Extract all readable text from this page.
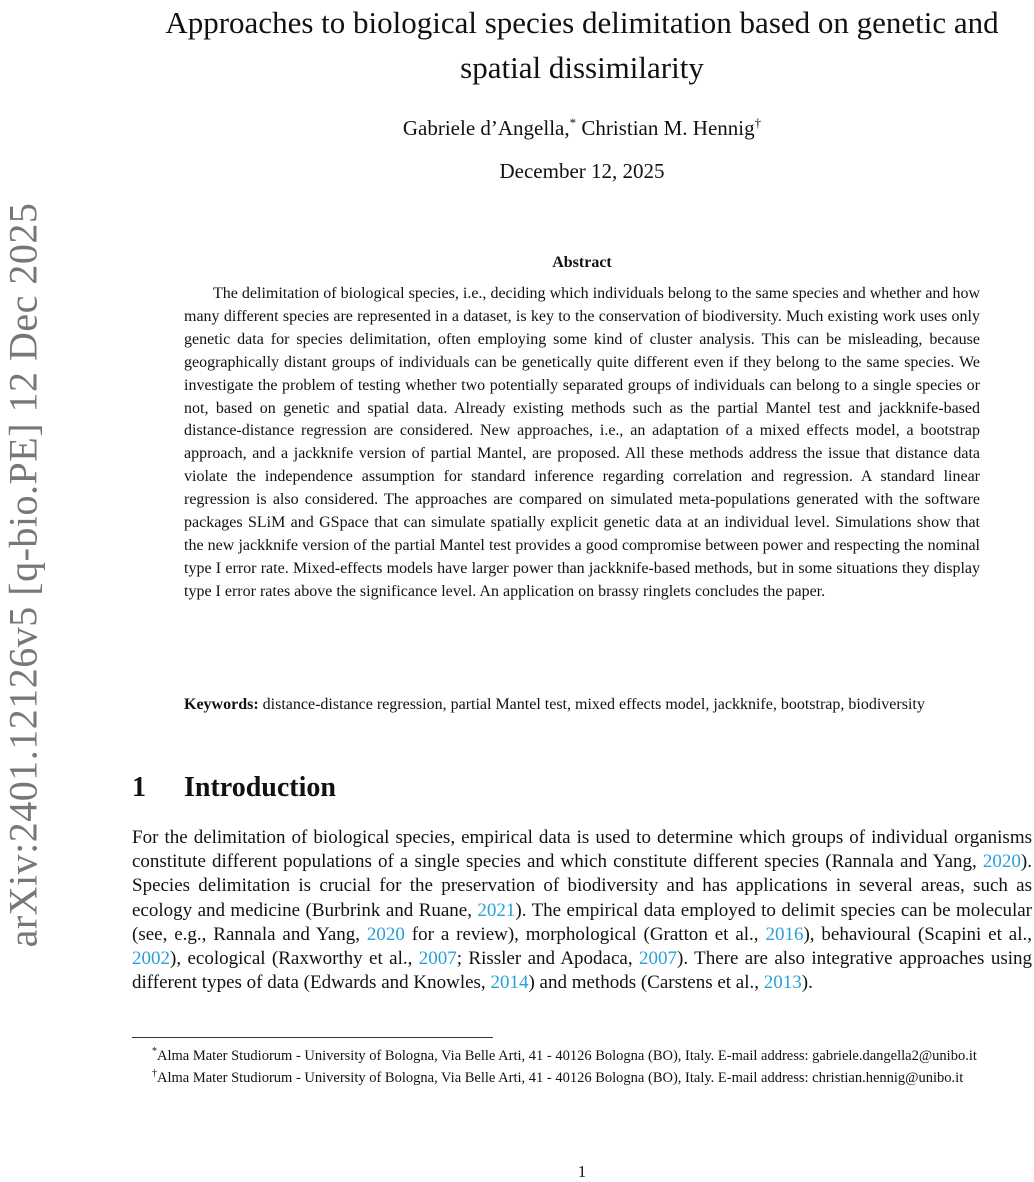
arXiv:2401.12126v5 [q-bio.PE] 12 Dec 2025
Approaches to biological species delimitation based on genetic and spatial dissimilarity
Gabriele d’Angella,* Christian M. Hennig†
December 12, 2025
Abstract

The delimitation of biological species, i.e., deciding which individuals belong to the same species and whether and how many different species are represented in a dataset, is key to the conservation of biodiversity. Much existing work uses only genetic data for species delimitation, often employing some kind of cluster analysis. This can be misleading, because geographically distant groups of individuals can be genetically quite different even if they belong to the same species. We investigate the problem of testing whether two potentially separated groups of individuals can belong to a single species or not, based on genetic and spatial data. Already existing methods such as the partial Mantel test and jackknife-based distance-distance regression are considered. New approaches, i.e., an adaptation of a mixed effects model, a bootstrap approach, and a jackknife version of partial Mantel, are proposed. All these methods address the issue that distance data violate the independence assumption for standard inference regarding correlation and regression. A standard linear regression is also considered. The approaches are compared on simulated meta-populations generated with the software packages SLiM and GSpace that can simulate spatially explicit genetic data at an individual level. Simulations show that the new jackknife version of the partial Mantel test provides a good compromise between power and respecting the nominal type I error rate. Mixed-effects models have larger power than jackknife-based methods, but in some situations they display type I error rates above the significance level. An application on brassy ringlets concludes the paper.

Keywords: distance-distance regression, partial Mantel test, mixed effects model, jackknife, bootstrap, biodiversity

1 Introduction

For the delimitation of biological species, empirical data is used to determine which groups of individual organisms constitute different populations of a single species and which constitute different species (Rannala and Yang, 2020). Species delimitation is crucial for the preservation of biodiversity and has applications in several areas, such as ecology and medicine (Burbrink and Ruane, 2021). The empirical data employed to delimit species can be molecular (see, e.g., Rannala and Yang, 2020 for a review), morphological (Gratton et al., 2016), behavioural (Scapini et al., 2002), ecological (Raxworthy et al., 2007; Rissler and Apodaca, 2007). There are also integrative approaches using different types of data (Edwards and Knowles, 2014) and methods (Carstens et al., 2013).

*Alma Mater Studiorum - University of Bologna, Via Belle Arti, 41 - 40126 Bologna (BO), Italy. E-mail address: gabriele.dangella2@unibo.it

†Alma Mater Studiorum - University of Bologna, Via Belle Arti, 41 - 40126 Bologna (BO), Italy. E-mail address: christian.hennig@unibo.it

1
